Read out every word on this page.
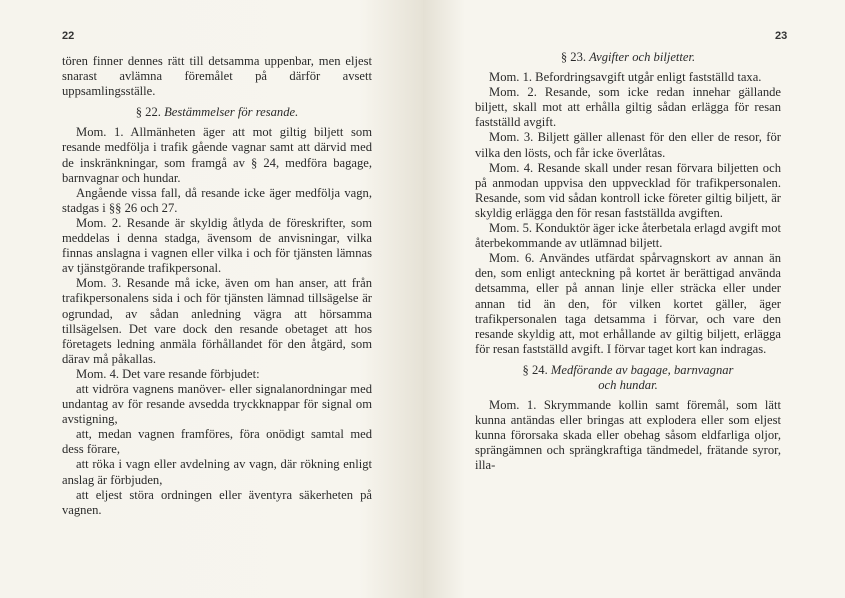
22

tören finner dennes rätt till detsamma uppenbar, men eljest snarast avlämna föremålet på därför avsett uppsamlingsställe.

§ 22. Bestämmelser för resande.

Mom. 1. Allmänheten äger att mot giltig biljett som resande medfölja i trafik gående vagnar samt att därvid med de inskränkningar, som framgå av § 24, medföra bagage, barnvagnar och hundar.

Angående vissa fall, då resande icke äger medfölja vagn, stadgas i §§ 26 och 27.

Mom. 2. Resande är skyldig åtlyda de föreskrifter, som meddelas i denna stadga, ävensom de anvisningar, vilka finnas anslagna i vagnen eller vilka i och för tjänsten lämnas av tjänstgörande trafikpersonal.

Mom. 3. Resande må icke, även om han anser, att från trafikpersonalens sida i och för tjänsten lämnad tillsägelse är ogrundad, av sådan anledning vägra att hörsamma tillsägelsen. Det vare dock den resande obetaget att hos företagets ledning anmäla förhållandet för den åtgärd, som därav må påkallas.

Mom. 4. Det vare resande förbjudet:

att vidröra vagnens manöver- eller signalanordningar med undantag av för resande avsedda tryckknappar för signal om avstigning,

att, medan vagnen framföres, föra onödigt samtal med dess förare,

att röka i vagn eller avdelning av vagn, där rökning enligt anslag är förbjuden,

att eljest störa ordningen eller äventyra säkerheten på vagnen.

23

§ 23. Avgifter och biljetter.

Mom. 1. Befordringsavgift utgår enligt fastställd taxa.

Mom. 2. Resande, som icke redan innehar gällande biljett, skall mot att erhålla giltig sådan erlägga för resan fastställd avgift.

Mom. 3. Biljett gäller allenast för den eller de resor, för vilka den lösts, och får icke överlåtas.

Mom. 4. Resande skall under resan förvara biljetten och på anmodan uppvisa den uppvecklad för trafikpersonalen. Resande, som vid sådan kontroll icke företer giltig biljett, är skyldig erlägga den för resan fastställda avgiften.

Mom. 5. Konduktör äger icke återbetala erlagd avgift mot återbekommande av utlämnad biljett.

Mom. 6. Användes utfärdat spårvagnskort av annan än den, som enligt anteckning på kortet är berättigad använda detsamma, eller på annan linje eller sträcka eller under annan tid än den, för vilken kortet gäller, äger trafikpersonalen taga detsamma i förvar, och vare den resande skyldig att, mot erhållande av giltig biljett, erlägga för resan fastställd avgift. I förvar taget kort kan indragas.

§ 24. Medförande av bagage, barnvagnar
och hundar.

Mom. 1. Skrymmande kollin samt föremål, som lätt kunna antändas eller bringas att explodera eller som eljest kunna förorsaka skada eller obehag såsom eldfarliga oljor, sprängämnen och sprängkraftiga tändmedel, frätande syror, illa-
